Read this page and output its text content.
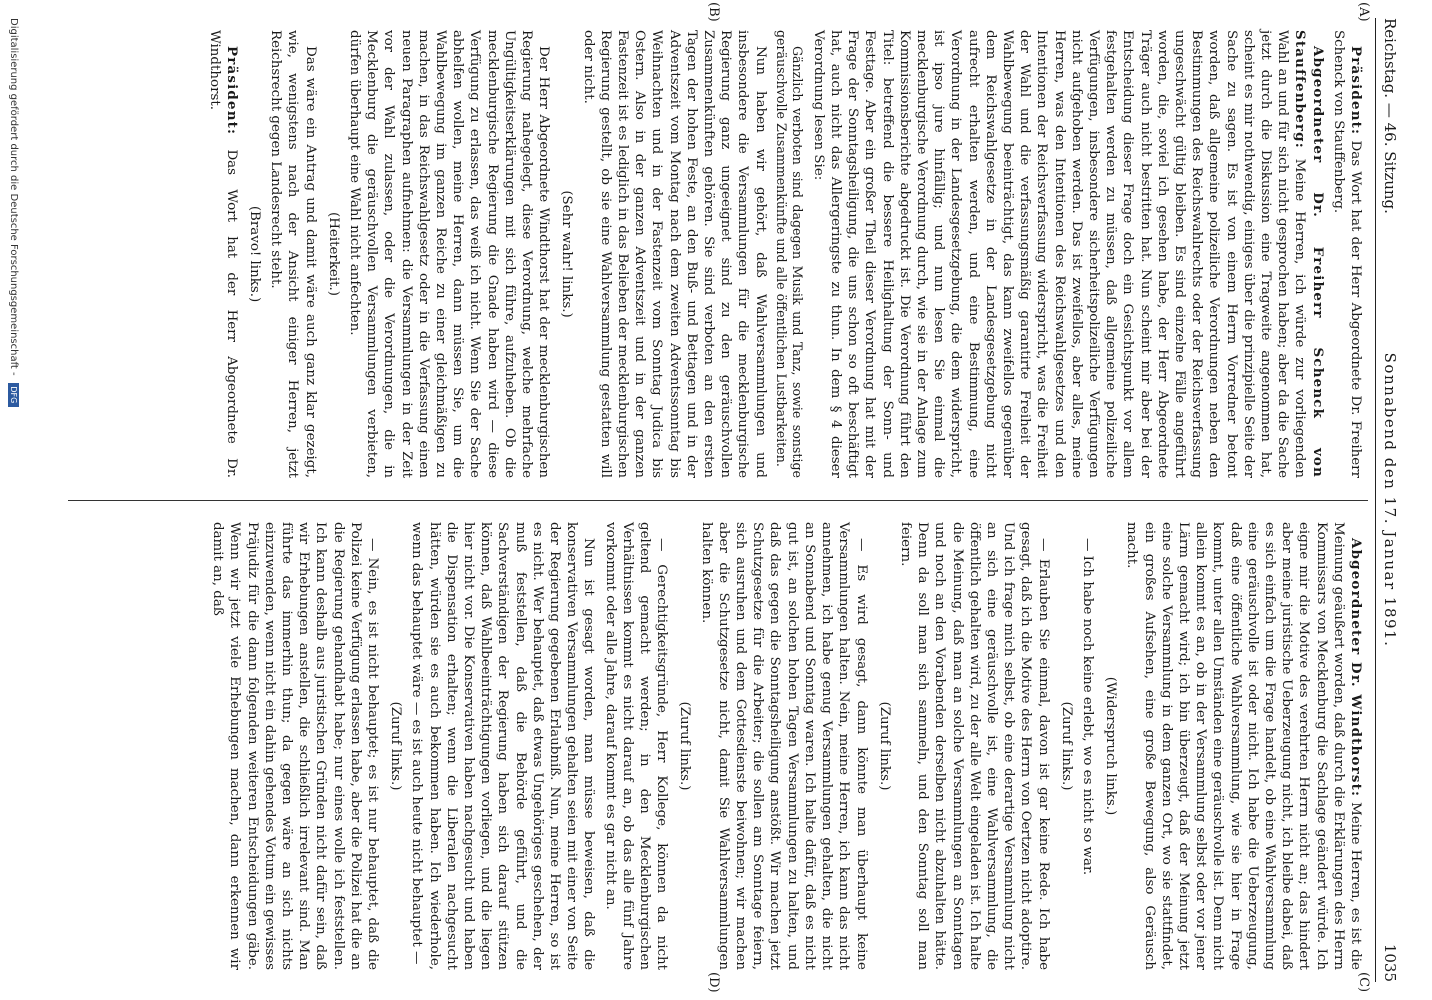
Reichstag. — 46. Sitzung.
Sonnabend den 17. Januar 1891.
1035
(A)
(B)
(C)
(D)

Präsident: Das Wort hat der Herr Abgeordnete Dr. Freiherr Schenck von Stauffenberg.

Abgeordneter Dr. Freiherr Schenck von Stauffenberg: Meine Herren, ich würde zur vorliegenden Wahl an und für sich nicht gesprochen haben; aber da die Sache jetzt durch die Diskussion eine Tragweite angenommen hat, scheint es mir nothwendig, einiges über die prinzipielle Seite der Sache zu sagen. Es ist von einem Herrn Vorredner betont worden, daß allgemeine polizeiliche Verordnungen neben den Bestimmungen des Reichswahlrechts oder der Reichsverfassung ungeschwächt gültig bleiben. Es sind einzelne Fälle angeführt worden, die, soviel ich gesehen habe, der Herr Abgeordnete Träger auch nicht bestritten hat. Nun scheint mir aber bei der Entscheidung dieser Frage doch ein Gesichtspunkt vor allem festgehalten werden zu müssen, daß allgemeine polizeiliche Verfügungen, insbesondere sicherheitspolizeiliche Verfügungen nicht aufgehoben werden. Das ist zweifellos, aber alles, meine Herren, was den Intentionen des Reichswahlgesetzes und den Intentionen der Reichsverfassung widerspricht, was die Freiheit der Wahl und die verfassungsmäßig garantirte Freiheit der Wahlbewegung beeinträchtigt, das kann zweifellos gegenüber dem Reichswahlgesetze in der Landesgesetzgebung nicht aufrecht erhalten werden, und eine Bestimmung, eine Verordnung in der Landesgesetzgebung, die dem widerspricht, ist ipso jure hinfällig; und nun lesen Sie einmal die mecklenburgische Verordnung durch, wie sie in der Anlage zum Kommissionsberichte abgedruckt ist. Die Verordnung führt den Titel: betreffend die bessere Heilighaltung der Sonn- und Festtage. Aber ein großer Theil dieser Verordnung hat mit der Frage der Sonntagsheiligung, die uns schon so oft beschäftigt hat, auch nicht das Allergeringste zu thun. In dem § 4 dieser Verordnung lesen Sie:

Gänzlich verboten sind dagegen Musik und Tanz, sowie sonstige geräuschvolle Zusammenkünfte und alle öffentlichen Lustbarkeiten.

Nun haben wir gehört, daß Wahlversammlungen und insbesondere die Versammlungen für die mecklenburgische Regierung ganz ungeeignet sind zu den geräuschvollen Zusammenkünften gehören. Sie sind verboten an den ersten Tagen der hohen Feste, an den Buß- und Bettagen und in der Adventszeit vom Montag nach dem zweiten Adventssonntag bis Weihnachten und in der Fastenzeit vom Sonntag Judica bis Ostern. Also in der ganzen Adventszeit und in der ganzen Fastenzeit ist es lediglich in das Belieben der mecklenburgischen Regierung gestellt, ob sie eine Wahlversammlung gestatten will oder nicht.

(Sehr wahr! links.)

Der Herr Abgeordnete Windthorst hat der mecklenburgischen Regierung nahegelegt, diese Verordnung, welche mehrfache Ungültigkeitserklärungen mit sich führe, aufzuheben. Ob die mecklenburgische Regierung die Gnade haben wird — diese Verfügung zu erlassen, das weiß ich nicht. Wenn Sie der Sache abhelfen wollen, meine Herren, dann müssen Sie, um die Wahlbewegung im ganzen Reiche zu einer gleichmäßigen zu machen, in das Reichswahlgesetz oder in die Verfassung einen neuen Paragraphen aufnehmen: die Versammlungen in der Zeit vor der Wahl zulassen, oder die Verordnungen, die in Mecklenburg die geräuschvollen Versammlungen verbieten, dürfen überhaupt eine Wahl nicht anfechten.

(Heiterkeit.)

Das wäre ein Antrag und damit wäre auch ganz klar gezeigt, wie, wenigstens nach der Ansicht einiger Herren, jetzt Reichsrecht gegen Landesrecht steht.

(Bravo! links.)

Präsident: Das Wort hat der Herr Abgeordnete Dr. Windthorst.

Abgeordneter Dr. Windthorst: Meine Herren, es ist die Meinung geäußert worden, daß durch die Erklärungen des Herrn Kommissars von Mecklenburg die Sachlage geändert würde. Ich eigne mir die Motive des verehrten Herrn nicht an; das hindert aber meine juristische Ueberzeugung nicht, ich bleibe dabei, daß es sich einfach um die Frage handelt, ob eine Wahlversammlung eine geräuschvolle ist oder nicht. Ich habe die Ueberzeugung, daß eine öffentliche Wahlversammlung, wie sie hier in Frage kommt, unter allen Umständen eine geräuschvolle ist. Denn nicht allein kommt es an, ob in der Versammlung selbst oder vor jener Lärm gemacht wird; ich bin überzeugt, daß der Meinung jetzt eine solche Versammlung in dem ganzen Ort, wo sie stattfindet, ein großes Aufsehen, eine große Bewegung, also Geräusch macht.

(Widerspruch links.)

— Ich habe noch keine erlebt, wo es nicht so war.

(Zuruf links.)

— Erlauben Sie einmal, davon ist gar keine Rede. Ich habe gesagt, daß ich die Motive des Herrn von Oertzen nicht adoptire. Und ich frage mich selbst, ob eine derartige Versammlung nicht an sich eine geräuschvolle ist, eine Wahlversammlung, die öffentlich gehalten wird, zu der alle Welt eingeladen ist. Ich halte die Meinung, daß man an solche Versammlungen an Sonntagen und noch an den Vorabenden derselben nicht abzuhalten hätte. Denn da soll man sich sammeln, und den Sonntag soll man feiern.

(Zuruf links.)

— Es wird gesagt, dann könnte man überhaupt keine Versammlungen halten. Nein, meine Herren, ich kann das nicht annehmen, ich habe genug Versammlungen gehalten, die nicht an Sonnabend und Sonntag waren. Ich halte dafür, daß es nicht gut ist, an solchen hohen Tagen Versammlungen zu halten, und daß das gegen die Sonntagsheiligung anstößt. Wir machen jetzt Schutzgesetze für die Arbeiter; die sollen am Sonntage feiern, sich ausruhen und dem Gottesdienste beiwohnen; wir machen aber die Schutzgesetze nicht, damit Sie Wahlversammlungen halten können.

(Zuruf links.)

— Gerechtigkeitsgründe, Herr Kollege, können da nicht geltend gemacht werden; in den Mecklenburgischen Verhältnissen kommt es nicht darauf an, ob das alle fünf Jahre vorkommt oder alle Jahre, darauf kommt es gar nicht an.

Nun ist gesagt worden, man müsse beweisen, daß die konservativen Versammlungen gehalten seien mit einer von Seite der Regierung gegebenen Erlaubniß. Nun, meine Herren, so ist es nicht. Wer behauptet, daß etwas Ungehöriges geschehen, der muß feststellen, daß die Behörde geführt, und die Sachverständigen der Regierung haben sich darauf stützen können, daß Wahlbeeinträchtigungen vorliegen, und die liegen hier nicht vor. Die Konservativen haben nachgesucht und haben die Dispensation erhalten; wenn die Liberalen nachgesucht hätten, würden sie es auch bekommen haben. Ich wiederhole, wenn das behauptet wäre — es ist auch heute nicht behauptet —

(Zuruf links.)

— Nein, es ist nicht behauptet; es ist nur behauptet, daß die Polizei keine Verfügung erlassen habe, aber die Polizei hat die an die Regierung gehandhabt habe; nur eines wolle ich feststellen. Ich kann deshalb aus juristischen Gründen nicht dafür sein, daß wir Erhebungen anstellen, die schließlich irrelevant sind. Man führte das immerhin thun; da gegen wäre an sich nichts einzuwenden, wenn nicht ein dahin gehendes Votum ein gewisses Präjudiz für die dann folgenden weiteren Entscheidungen gäbe. Wenn wir jetzt viele Erhebungen machen, dann erkennen wir damit an, daß

Digitalisierung gefördert durch die Deutsche Forschungsgemeinschaft - DFG
